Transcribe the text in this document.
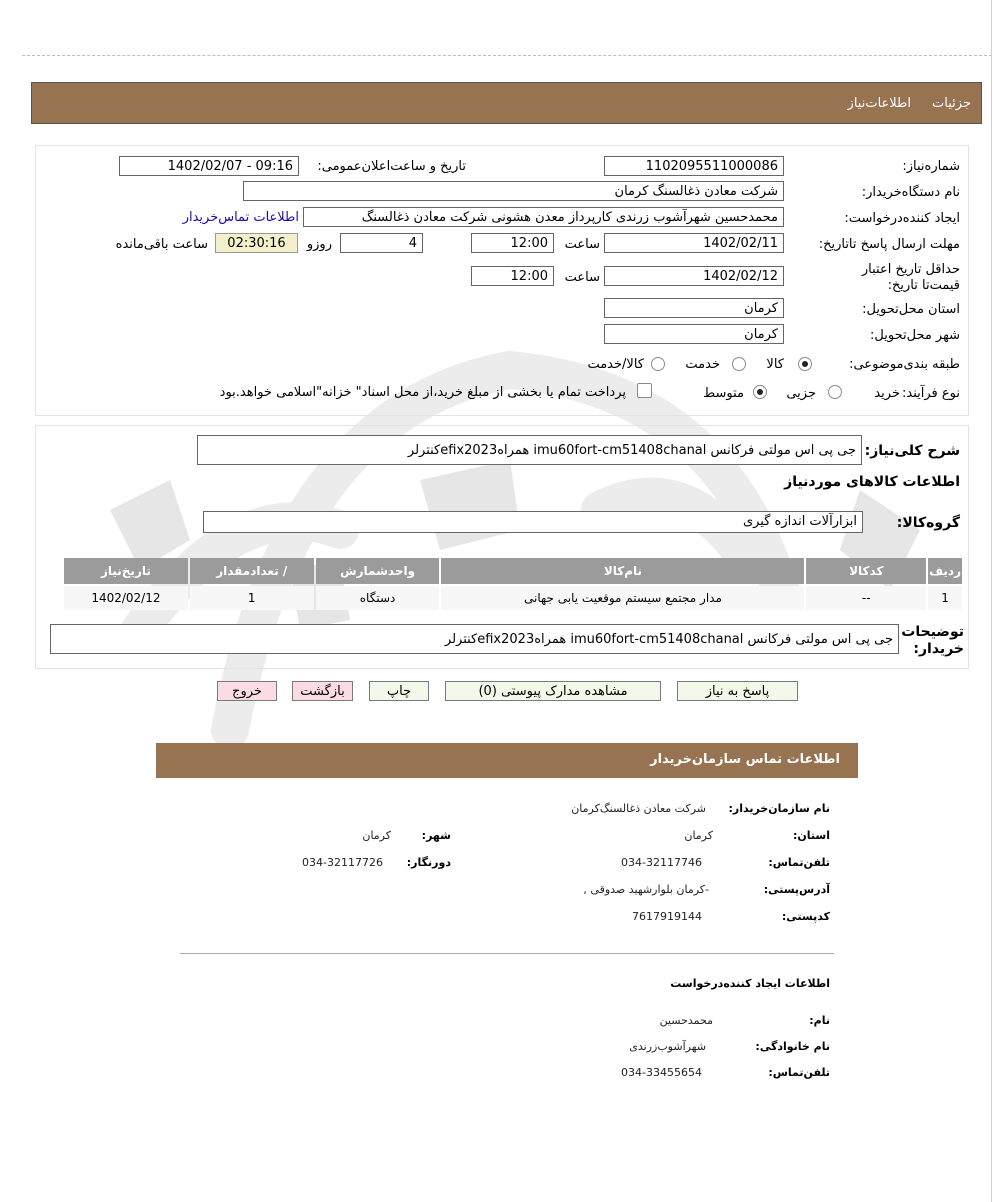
جزئیات
اطلاعات‌نیاز
شماره‌نیاز:
1102095511000086
تاریخ و ساعت‌اعلان‌عمومی:
1402/02/07 - 09:16
نام دستگاه‌خریدار:
شرکت معادن ذغالسنگ کرمان
ایجاد کننده‌درخواست:
محمدحسین شهرآشوب زرندی کارپرداز معدن هشونی شرکت معادن ذغالسنگ
اطلاعات تماس‌خریدار
مهلت ارسال پاسخ تا‌تاریخ:
1402/02/11
ساعت
12:00
4
روزو
02:30:16
ساعت باقی‌مانده
حداقل تاریخ اعتبار قیمت‌تا تاریخ:
1402/02/12
ساعت
12:00
استان محل‌تحویل:
کرمان
شهر محل‌تحویل:
کرمان
طبقه بندی‌موضوعی:
کالا
خدمت
کالا/خدمت
نوع فرآیند:
خرید
جزیی
متوسط
پرداخت تمام یا بخشی از مبلغ خرید،از محل اسناد" خزانه"اسلامی خواهد.بود
شرح کلی‌نیاز:
جی پی اس مولتی فرکانس imu60fort-cm51408chanal همراه‌efix2023کنترلر
اطلاعات کالاهای موردنیاز
گروه‌کالا:
ابزارآلات اندازه گیری
ردیف	کدکالا	نام‌کالا	واحدشمارش	/ تعدادمقدار	تاریخ‌نیاز
1	--	مدار مجتمع سیستم موقعیت یابی جهانی	دستگاه	1	1402/02/12
توضیحات خریدار:
جی پی اس مولتی فرکانس imu60fort-cm51408chanal همراه‌efix2023کنترلر
پاسخ به نیاز
مشاهده مدارک پیوستی (0)
چاپ
بازگشت
خروج
اطلاعات تماس سازمان‌خریدار
نام سازمان‌خریدار:
شرکت معادن ذغالسنگ‌کرمان
استان:
کرمان
شهر:
کرمان
تلفن‌تماس:
034-32117746
دورنگار:
034-32117726
آدرس‌پستی:
-کرمان بلوار‌شهید صدوقی ,
کد‌پستی:
7617919144
اطلاعات ایجاد کننده‌درخواست
نام:
محمدحسین
نام خانوادگی:
شهرآشوب‌زرندی
تلفن‌تماس:
034-33455654
